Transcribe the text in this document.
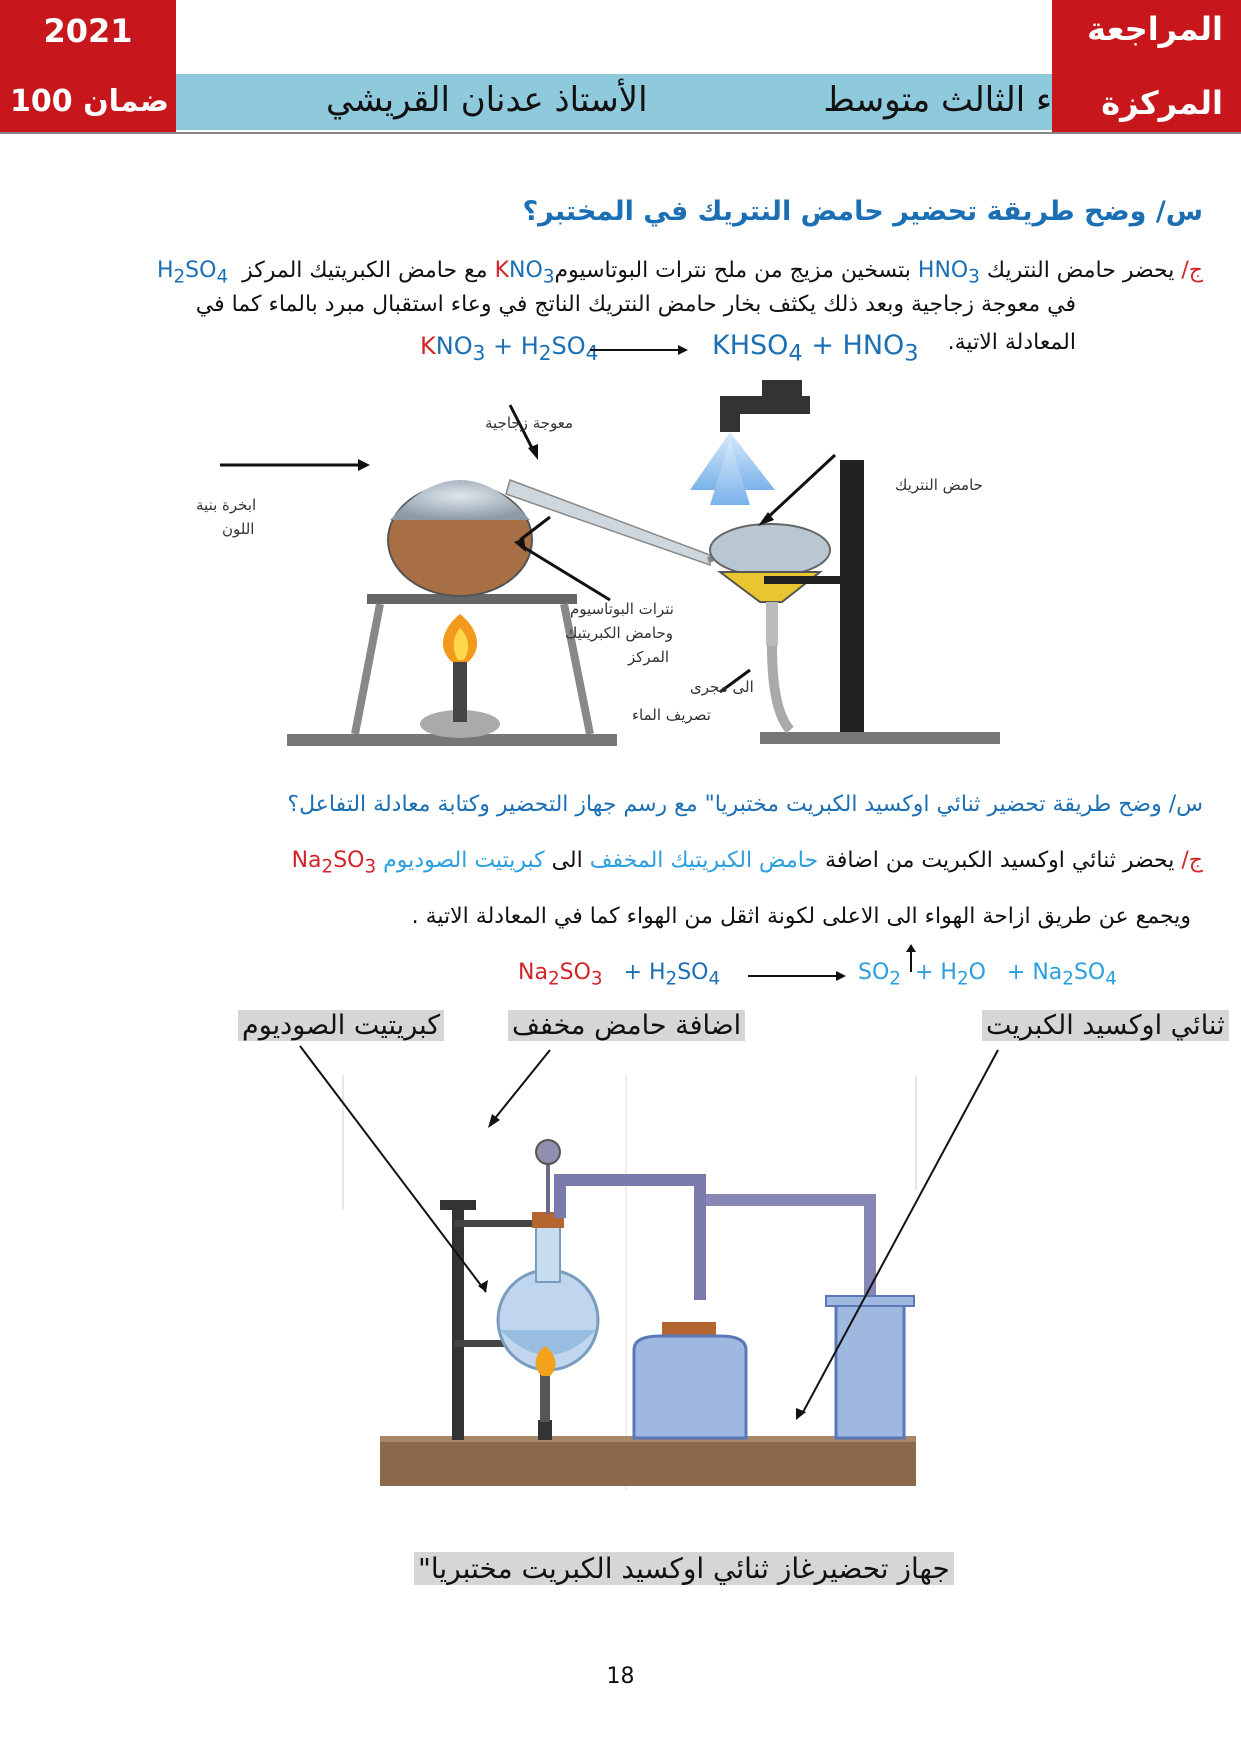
الأستاذ عدنان القريشي	ء الثالث متوسط
2021
ضمان 100
المراجعة
المركزة
س/ وضح طريقة تحضير حامض النتريك في المختبر؟
ج/ يحضر حامض النتريك $HNO_3$ بتسخين مزيج من ملح نترات البوتاسيومKNO$_3$ مع حامض الكبريتيك المركز  $H_2SO_4$
في معوجة زجاجية وبعد ذلك يكثف بخار حامض النتريك الناتج في وعاء استقبال مبرد بالماء كما في
المعادلة الاتية.
$KNO_3 + H_2SO_4$	$KHSO_4 + HNO_3$
معوجة زجاجية
ابخرة بنية
اللون
حامض النتريك
نترات البوتاسيوم
وحامض الكبريتيك
المركز
الى مجرى
تصريف الماء
س/ وضح طريقة تحضير ثنائي اوكسيد الكبريت مختبريا" مع رسم جهاز التحضير وكتابة معادلة التفاعل؟
ج/ يحضر ثنائي اوكسيد الكبريت من اضافة حامض الكبريتيك المخفف الى كبريتيت الصوديوم $Na_2SO_3$
ويجمع عن طريق ازاحة الهواء الى الاعلى لكونة اثقل من الهواء كما في المعادلة الاتية .
$Na_2SO_3 + H_2SO_4$	$SO_2 + H_2O + Na_2SO_4$
كبريتيت الصوديوم	اضافة حامض مخفف	ثنائي اوكسيد الكبريت
جهاز تحضيرغاز ثنائي اوكسيد الكبريت مختبريا"
18
